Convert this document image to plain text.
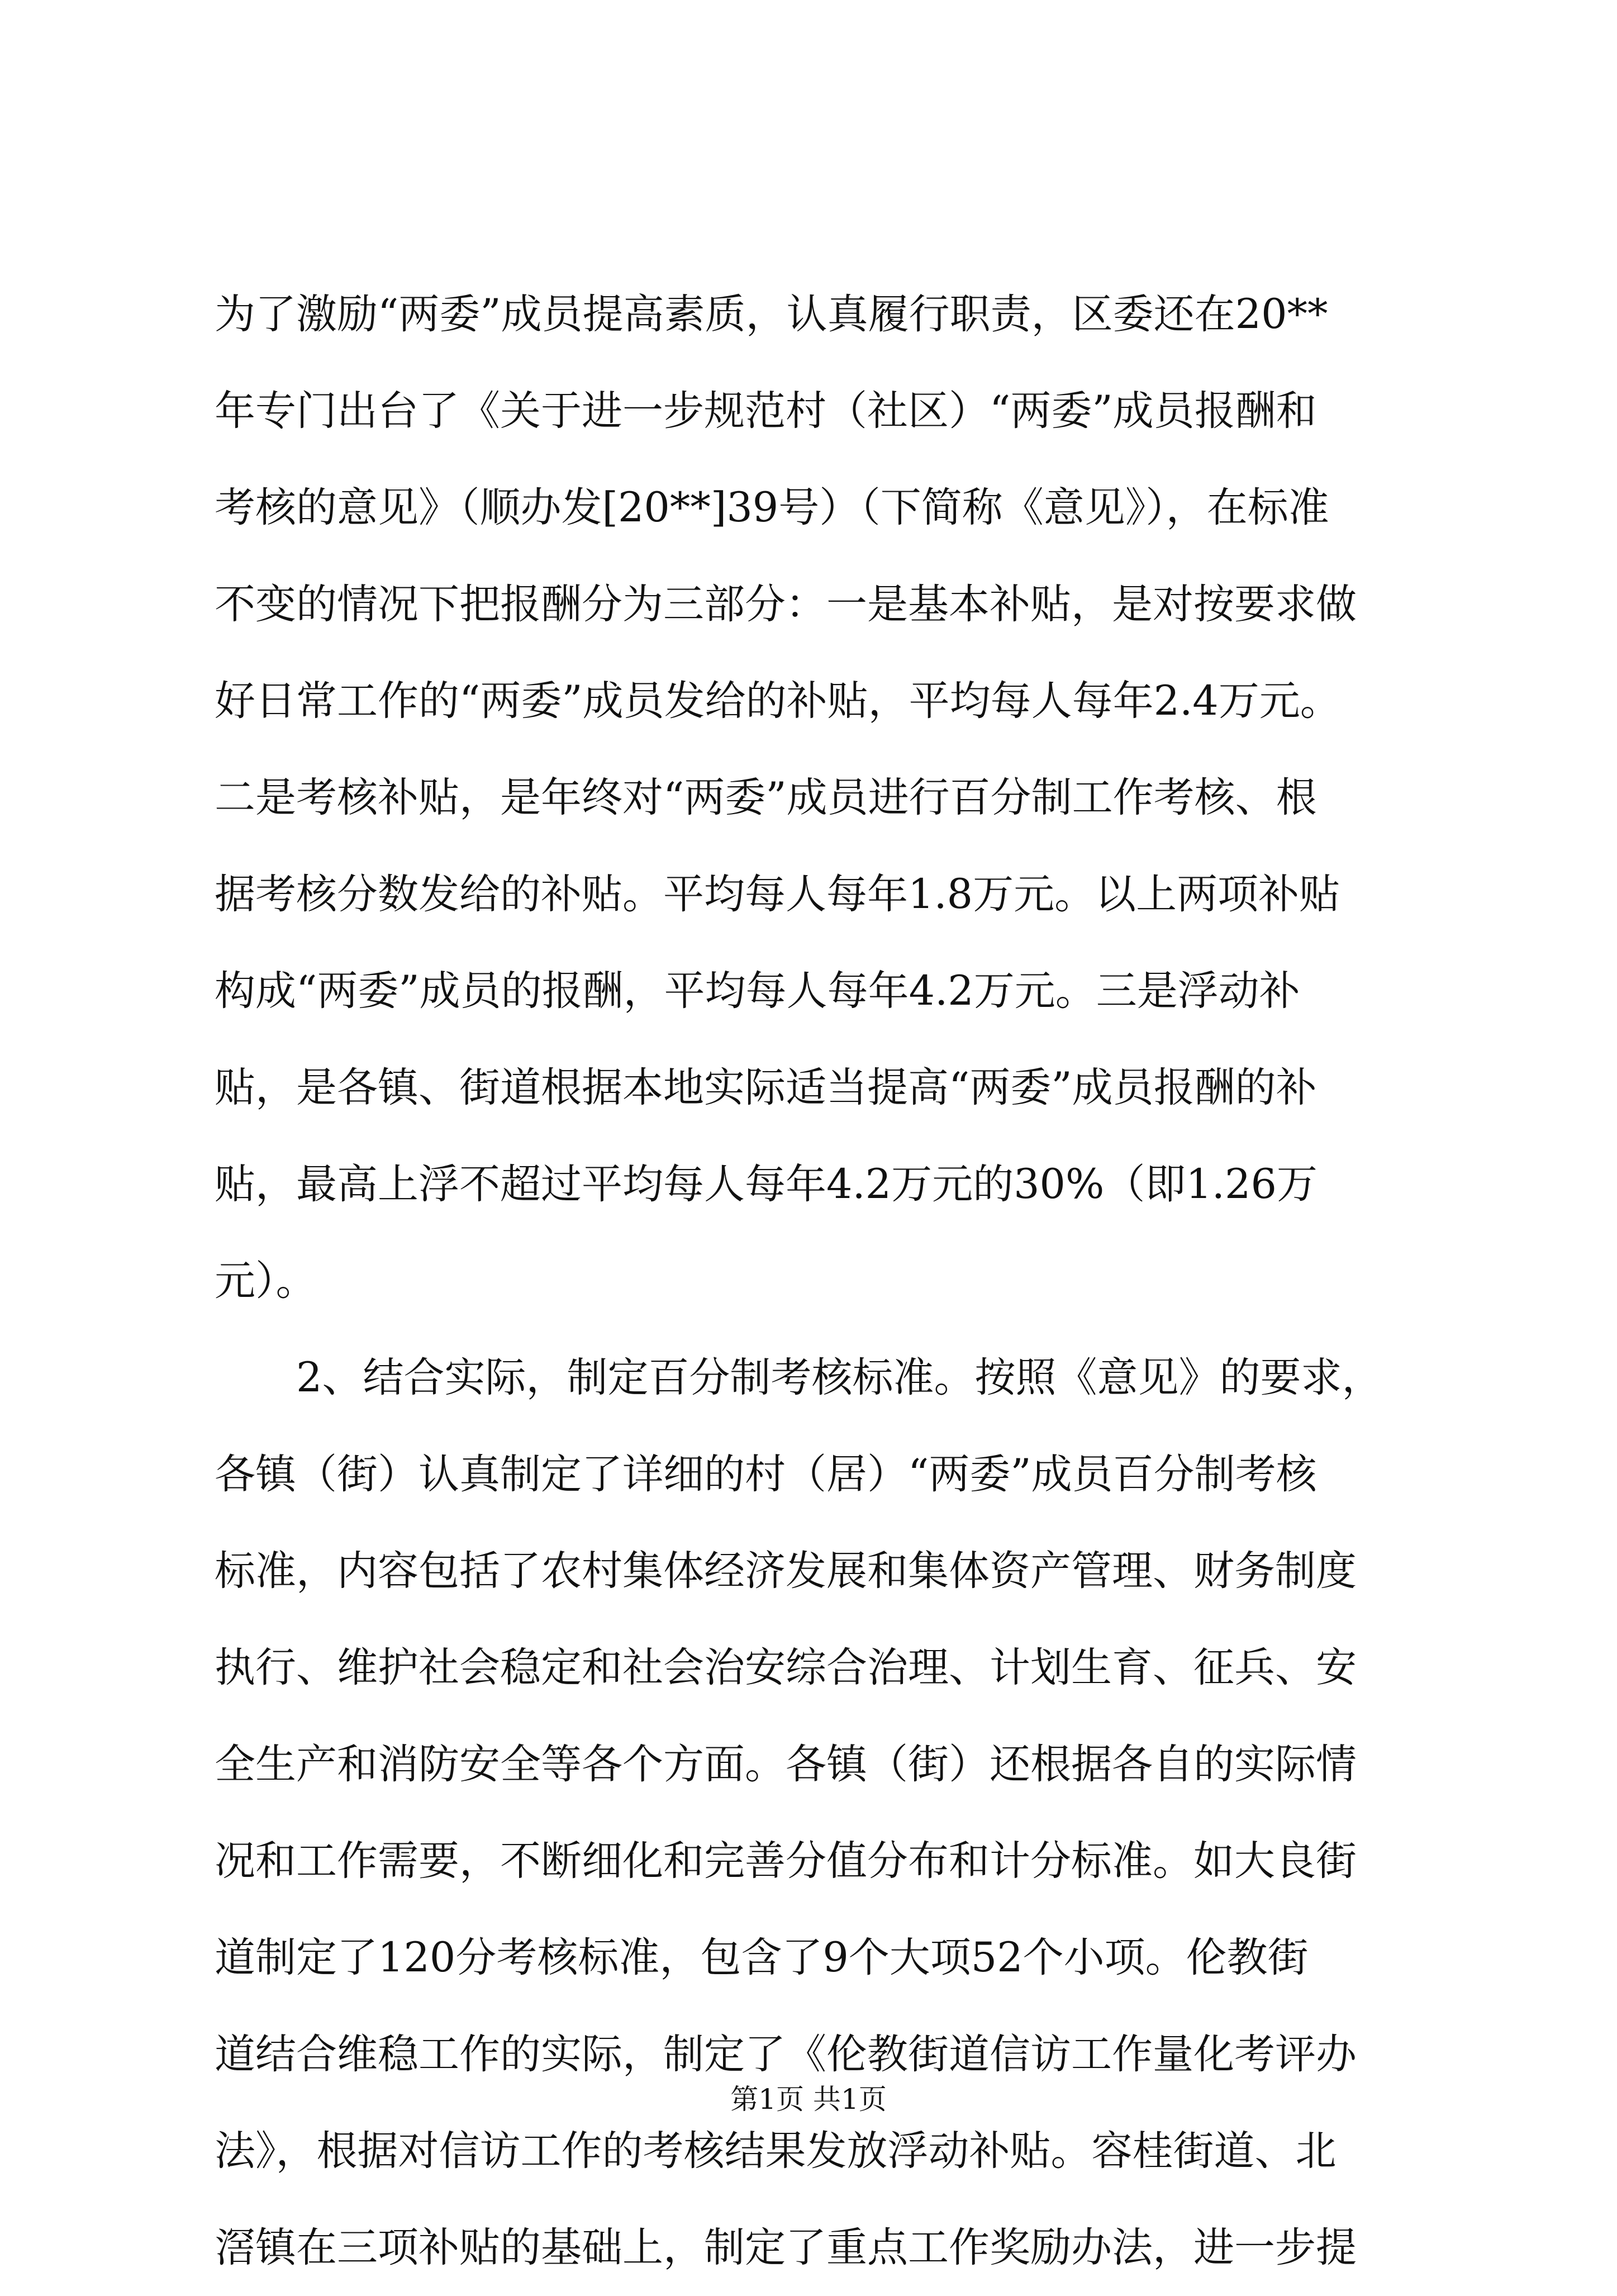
为了激励“两委”成员提高素质，认真履行职责，区委还在20**
年专门出台了《关于进一步规范村（社区）“两委”成员报酬和
考核的意见》（顺办发[20**]39号）（下简称《意见》），在标准
不变的情况下把报酬分为三部分：一是基本补贴，是对按要求做
好日常工作的“两委”成员发给的补贴，平均每人每年2.4万元。
二是考核补贴，是年终对“两委”成员进行百分制工作考核、根
据考核分数发给的补贴。平均每人每年1.8万元。以上两项补贴
构成“两委”成员的报酬，平均每人每年4.2万元。三是浮动补
贴，是各镇、街道根据本地实际适当提高“两委”成员报酬的补
贴，最高上浮不超过平均每人每年4.2万元的30%（即1.26万
元）。
　　2、结合实际，制定百分制考核标准。按照《意见》的要求，
各镇（街）认真制定了详细的村（居）“两委”成员百分制考核
标准，内容包括了农村集体经济发展和集体资产管理、财务制度
执行、维护社会稳定和社会治安综合治理、计划生育、征兵、安
全生产和消防安全等各个方面。各镇（街）还根据各自的实际情
况和工作需要，不断细化和完善分值分布和计分标准。如大良街
道制定了120分考核标准，包含了9个大项52个小项。伦教街
道结合维稳工作的实际，制定了《伦教街道信访工作量化考评办
法》，根据对信访工作的考核结果发放浮动补贴。容桂街道、北
滘镇在三项补贴的基础上，制定了重点工作奖励办法，进一步提
第1页 共1页
